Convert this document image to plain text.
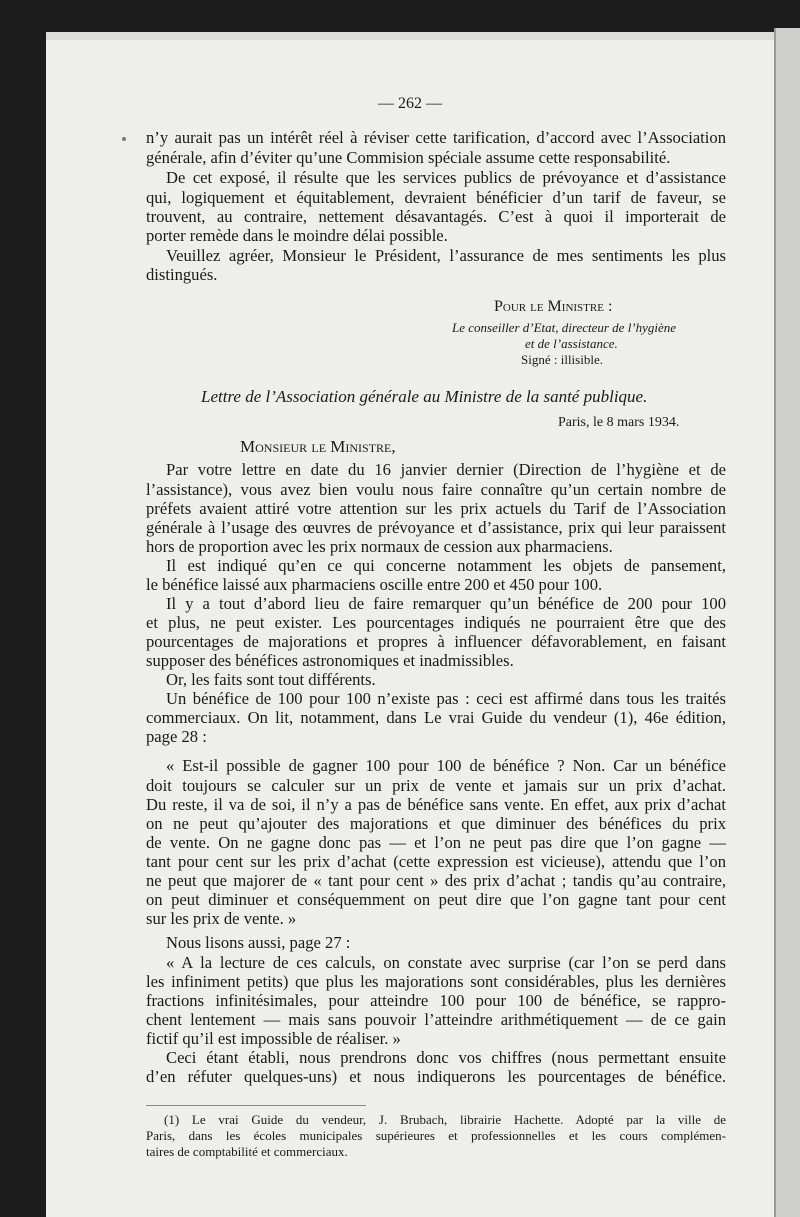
— 262 —
n’y aurait pas un intérêt réel à réviser cette tarification, d’accord avec l’Association
générale, afin d’éviter qu’une Commision spéciale assume cette responsabilité.
De cet exposé, il résulte que les services publics de prévoyance et d’assistance
qui, logiquement et équitablement, devraient bénéficier d’un tarif de faveur, se
trouvent, au contraire, nettement désavantagés. C’est à quoi il importerait de
porter remède dans le moindre délai possible.
Veuillez agréer, Monsieur le Président, l’assurance de mes sentiments les plus
distingués.
Pour le Ministre :
Le conseiller d’Etat, directeur de l’hygiène
et de l’assistance.
Signé : illisible.
Lettre de l’Association générale au Ministre de la santé publique.
Paris, le 8 mars 1934.
Monsieur le Ministre,
Par votre lettre en date du 16 janvier dernier (Direction de l’hygiène et de
l’assistance), vous avez bien voulu nous faire connaître qu’un certain nombre de
préfets avaient attiré votre attention sur les prix actuels du Tarif de l’Association
générale à l’usage des œuvres de prévoyance et d’assistance, prix qui leur paraissent
hors de proportion avec les prix normaux de cession aux pharmaciens.
Il est indiqué qu’en ce qui concerne notamment les objets de pansement,
le bénéfice laissé aux pharmaciens oscille entre 200 et 450 pour 100.
Il y a tout d’abord lieu de faire remarquer qu’un bénéfice de 200 pour 100
et plus, ne peut exister. Les pourcentages indiqués ne pourraient être que des
pourcentages de majorations et propres à influencer défavorablement, en faisant
supposer des bénéfices astronomiques et inadmissibles.
Or, les faits sont tout différents.
Un bénéfice de 100 pour 100 n’existe pas : ceci est affirmé dans tous les traités
commerciaux. On lit, notamment, dans Le vrai Guide du vendeur (1), 46e édition,
page 28 :
« Est-il possible de gagner 100 pour 100 de bénéfice ? Non. Car un bénéfice
doit toujours se calculer sur un prix de vente et jamais sur un prix d’achat.
Du reste, il va de soi, il n’y a pas de bénéfice sans vente. En effet, aux prix d’achat
on ne peut qu’ajouter des majorations et que diminuer des bénéfices du prix
de vente. On ne gagne donc pas — et l’on ne peut pas dire que l’on gagne —
tant pour cent sur les prix d’achat (cette expression est vicieuse), attendu que l’on
ne peut que majorer de « tant pour cent » des prix d’achat ; tandis qu’au contraire,
on peut diminuer et conséquemment on peut dire que l’on gagne tant pour cent
sur les prix de vente. »
Nous lisons aussi, page 27 :
« A la lecture de ces calculs, on constate avec surprise (car l’on se perd dans
les infiniment petits) que plus les majorations sont considérables, plus les dernières
fractions infinitésimales, pour atteindre 100 pour 100 de bénéfice, se rappro-
chent lentement — mais sans pouvoir l’atteindre arithmétiquement — de ce gain
fictif qu’il est impossible de réaliser. »
Ceci étant établi, nous prendrons donc vos chiffres (nous permettant ensuite
d’en réfuter quelques-uns) et nous indiquerons les pourcentages de bénéfice.
(1) Le vrai Guide du vendeur, J. Brubach, librairie Hachette. Adopté par la ville de
Paris, dans les écoles municipales supérieures et professionnelles et les cours complémen-
taires de comptabilité et commerciaux.
